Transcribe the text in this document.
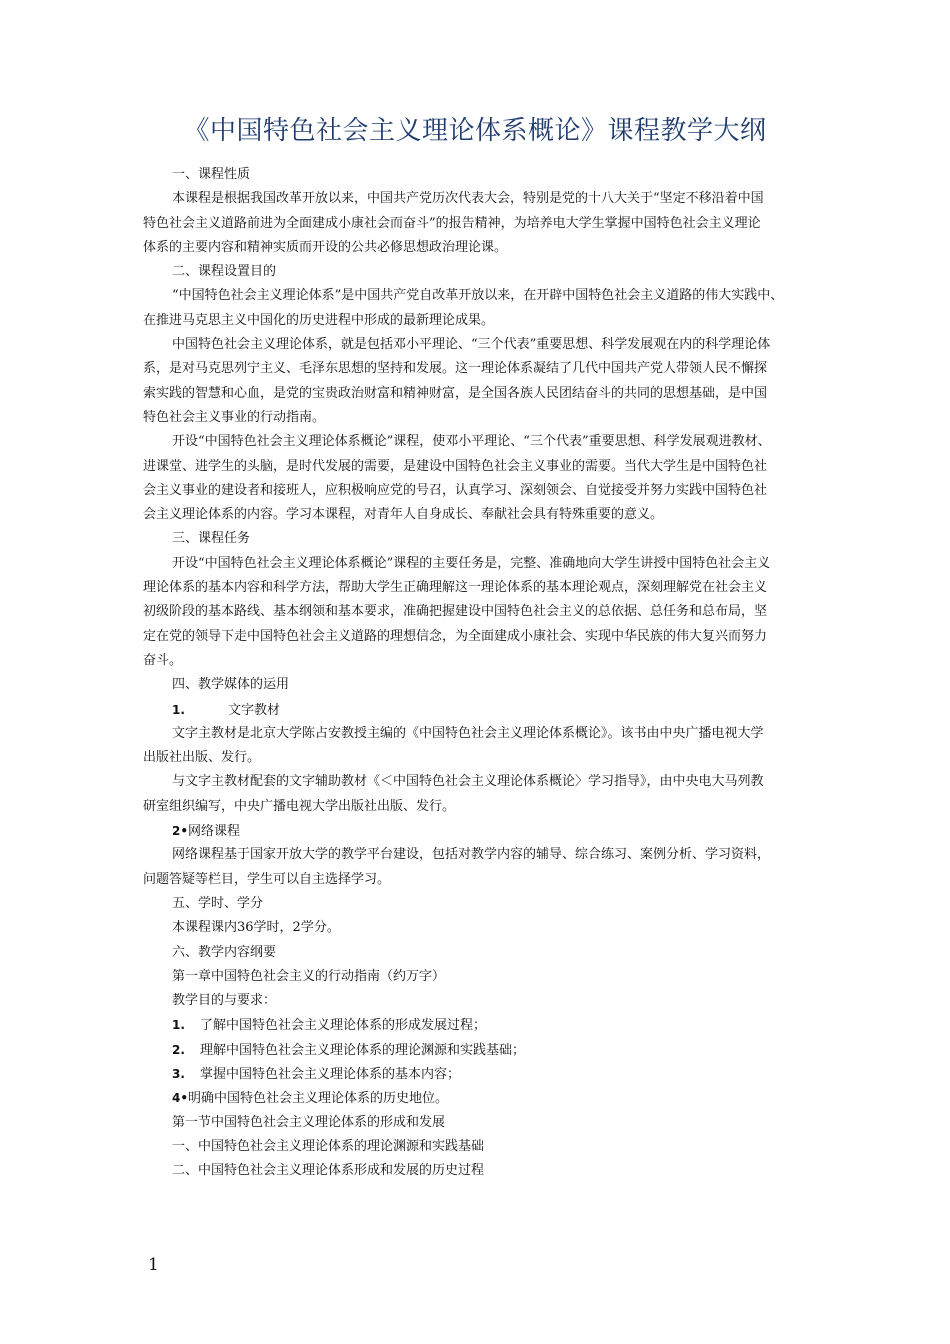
《中国特色社会主义理论体系概论》课程教学大纲
一、课程性质
本课程是根据我国改革开放以来，中国共产党历次代表大会，特别是党的十八大关于“坚定不移沿着中国
特色社会主义道路前进为全面建成小康社会而奋斗”的报告精神，为培养电大学生掌握中国特色社会主义理论
体系的主要内容和精神实质而开设的公共必修思想政治理论课。
二、课程设置目的
“中国特色社会主义理论体系”是中国共产党自改革开放以来，在开辟中国特色社会主义道路的伟大实践中、
在推进马克思主义中国化的历史进程中形成的最新理论成果。
中国特色社会主义理论体系，就是包括邓小平理论、“三个代表”重要思想、科学发展观在内的科学理论体
系，是对马克思列宁主义、毛泽东思想的坚持和发展。这一理论体系凝结了几代中国共产党人带领人民不懈探
索实践的智慧和心血，是党的宝贵政治财富和精神财富，是全国各族人民团结奋斗的共同的思想基础，是中国
特色社会主义事业的行动指南。
开设“中国特色社会主义理论体系概论”课程，使邓小平理论、“三个代表”重要思想、科学发展观进教材、
进课堂、进学生的头脑，是时代发展的需要，是建设中国特色社会主义事业的需要。当代大学生是中国特色社
会主义事业的建设者和接班人，应积极响应党的号召，认真学习、深刻领会、自觉接受并努力实践中国特色社
会主义理论体系的内容。学习本课程，对青年人自身成长、奉献社会具有特殊重要的意义。
三、课程任务
开设“中国特色社会主义理论体系概论”课程的主要任务是，完整、准确地向大学生讲授中国特色社会主义
理论体系的基本内容和科学方法，帮助大学生正确理解这一理论体系的基本理论观点，深刻理解党在社会主义
初级阶段的基本路线、基本纲领和基本要求，准确把握建设中国特色社会主义的总依据、总任务和总布局，坚
定在党的领导下走中国特色社会主义道路的理想信念，为全面建成小康社会、实现中华民族的伟大复兴而努力
奋斗。
四、教学媒体的运用
1.	文字教材
文字主教材是北京大学陈占安教授主编的《中国特色社会主义理论体系概论》。该书由中央广播电视大学
出版社出版、发行。
与文字主教材配套的文字辅助教材《＜中国特色社会主义理论体系概论〉学习指导》，由中央电大马列教
研室组织编写，中央广播电视大学出版社出版、发行。
2•网络课程
网络课程基于国家开放大学的教学平台建设，包括对教学内容的辅导、综合练习、案例分析、学习资料，
问题答疑等栏目，学生可以自主选择学习。
五、学时、学分
本课程课内36学时，2学分。
六、教学内容纲要
第一章中国特色社会主义的行动指南（约万字）
教学目的与要求：
1. 了解中国特色社会主义理论体系的形成发展过程；
2. 理解中国特色社会主义理论体系的理论渊源和实践基础；
3. 掌握中国特色社会主义理论体系的基本内容；
4•明确中国特色社会主义理论体系的历史地位。
第一节中国特色社会主义理论体系的形成和发展
一、中国特色社会主义理论体系的理论渊源和实践基础
二、中国特色社会主义理论体系形成和发展的历史过程
1
